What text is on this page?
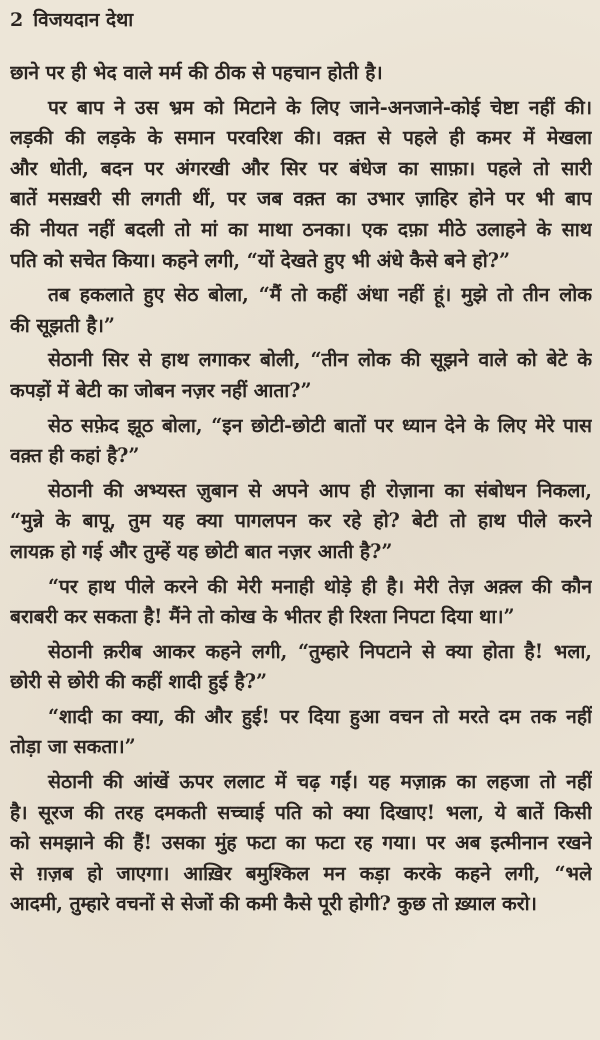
2 विजयदान देथा
छाने पर ही भेद वाले मर्म की ठीक से पहचान होती है।
पर बाप ने उस भ्रम को मिटाने के लिए जाने-अनजाने-कोई चेष्टा नहीं की।
लड़की की लड़के के समान परवरिश की। वक़्त से पहले ही कमर में मेखला
और धोती, बदन पर अंगरखी और सिर पर बंधेज का साफ़ा। पहले तो सारी
बातें मसख़री सी लगती थीं, पर जब वक़्त का उभार ज़ाहिर होने पर भी बाप
की नीयत नहीं बदली तो मां का माथा ठनका। एक दफ़ा मीठे उलाहने के साथ
पति को सचेत किया। कहने लगी, “यों देखते हुए भी अंधे कैसे बने हो?”
तब हकलाते हुए सेठ बोला, “मैं तो कहीं अंधा नहीं हूं। मुझे तो तीन लोक
की सूझती है।”
सेठानी सिर से हाथ लगाकर बोली, “तीन लोक की सूझने वाले को बेटे के
कपड़ों में बेटी का जोबन नज़र नहीं आता?”
सेठ सफ़ेद झूठ बोला, “इन छोटी-छोटी बातों पर ध्यान देने के लिए मेरे पास
वक़्त ही कहां है?”
सेठानी की अभ्यस्त ज़ुबान से अपने आप ही रोज़ाना का संबोधन निकला,
“मुन्ने के बापू, तुम यह क्या पागलपन कर रहे हो? बेटी तो हाथ पीले करने
लायक़ हो गई और तुम्हें यह छोटी बात नज़र आती है?”
“पर हाथ पीले करने की मेरी मनाही थोड़े ही है। मेरी तेज़ अक़्ल की कौन
बराबरी कर सकता है! मैंने तो कोख के भीतर ही रिश्ता निपटा दिया था।”
सेठानी क़रीब आकर कहने लगी, “तुम्हारे निपटाने से क्या होता है! भला,
छोरी से छोरी की कहीं शादी हुई है?”
“शादी का क्या, की और हुई! पर दिया हुआ वचन तो मरते दम तक नहीं
तोड़ा जा सकता।”
सेठानी की आंखें ऊपर ललाट में चढ़ गईं। यह मज़ाक़ का लहजा तो नहीं
है। सूरज की तरह दमकती सच्चाई पति को क्या दिखाए! भला, ये बातें किसी
को समझाने की हैं! उसका मुंह फटा का फटा रह गया। पर अब इत्मीनान रखने
से ग़ज़ब हो जाएगा। आख़िर बमुश्किल मन कड़ा करके कहने लगी, “भले
आदमी, तुम्हारे वचनों से सेजों की कमी कैसे पूरी होगी? कुछ तो ख़्याल करो।
